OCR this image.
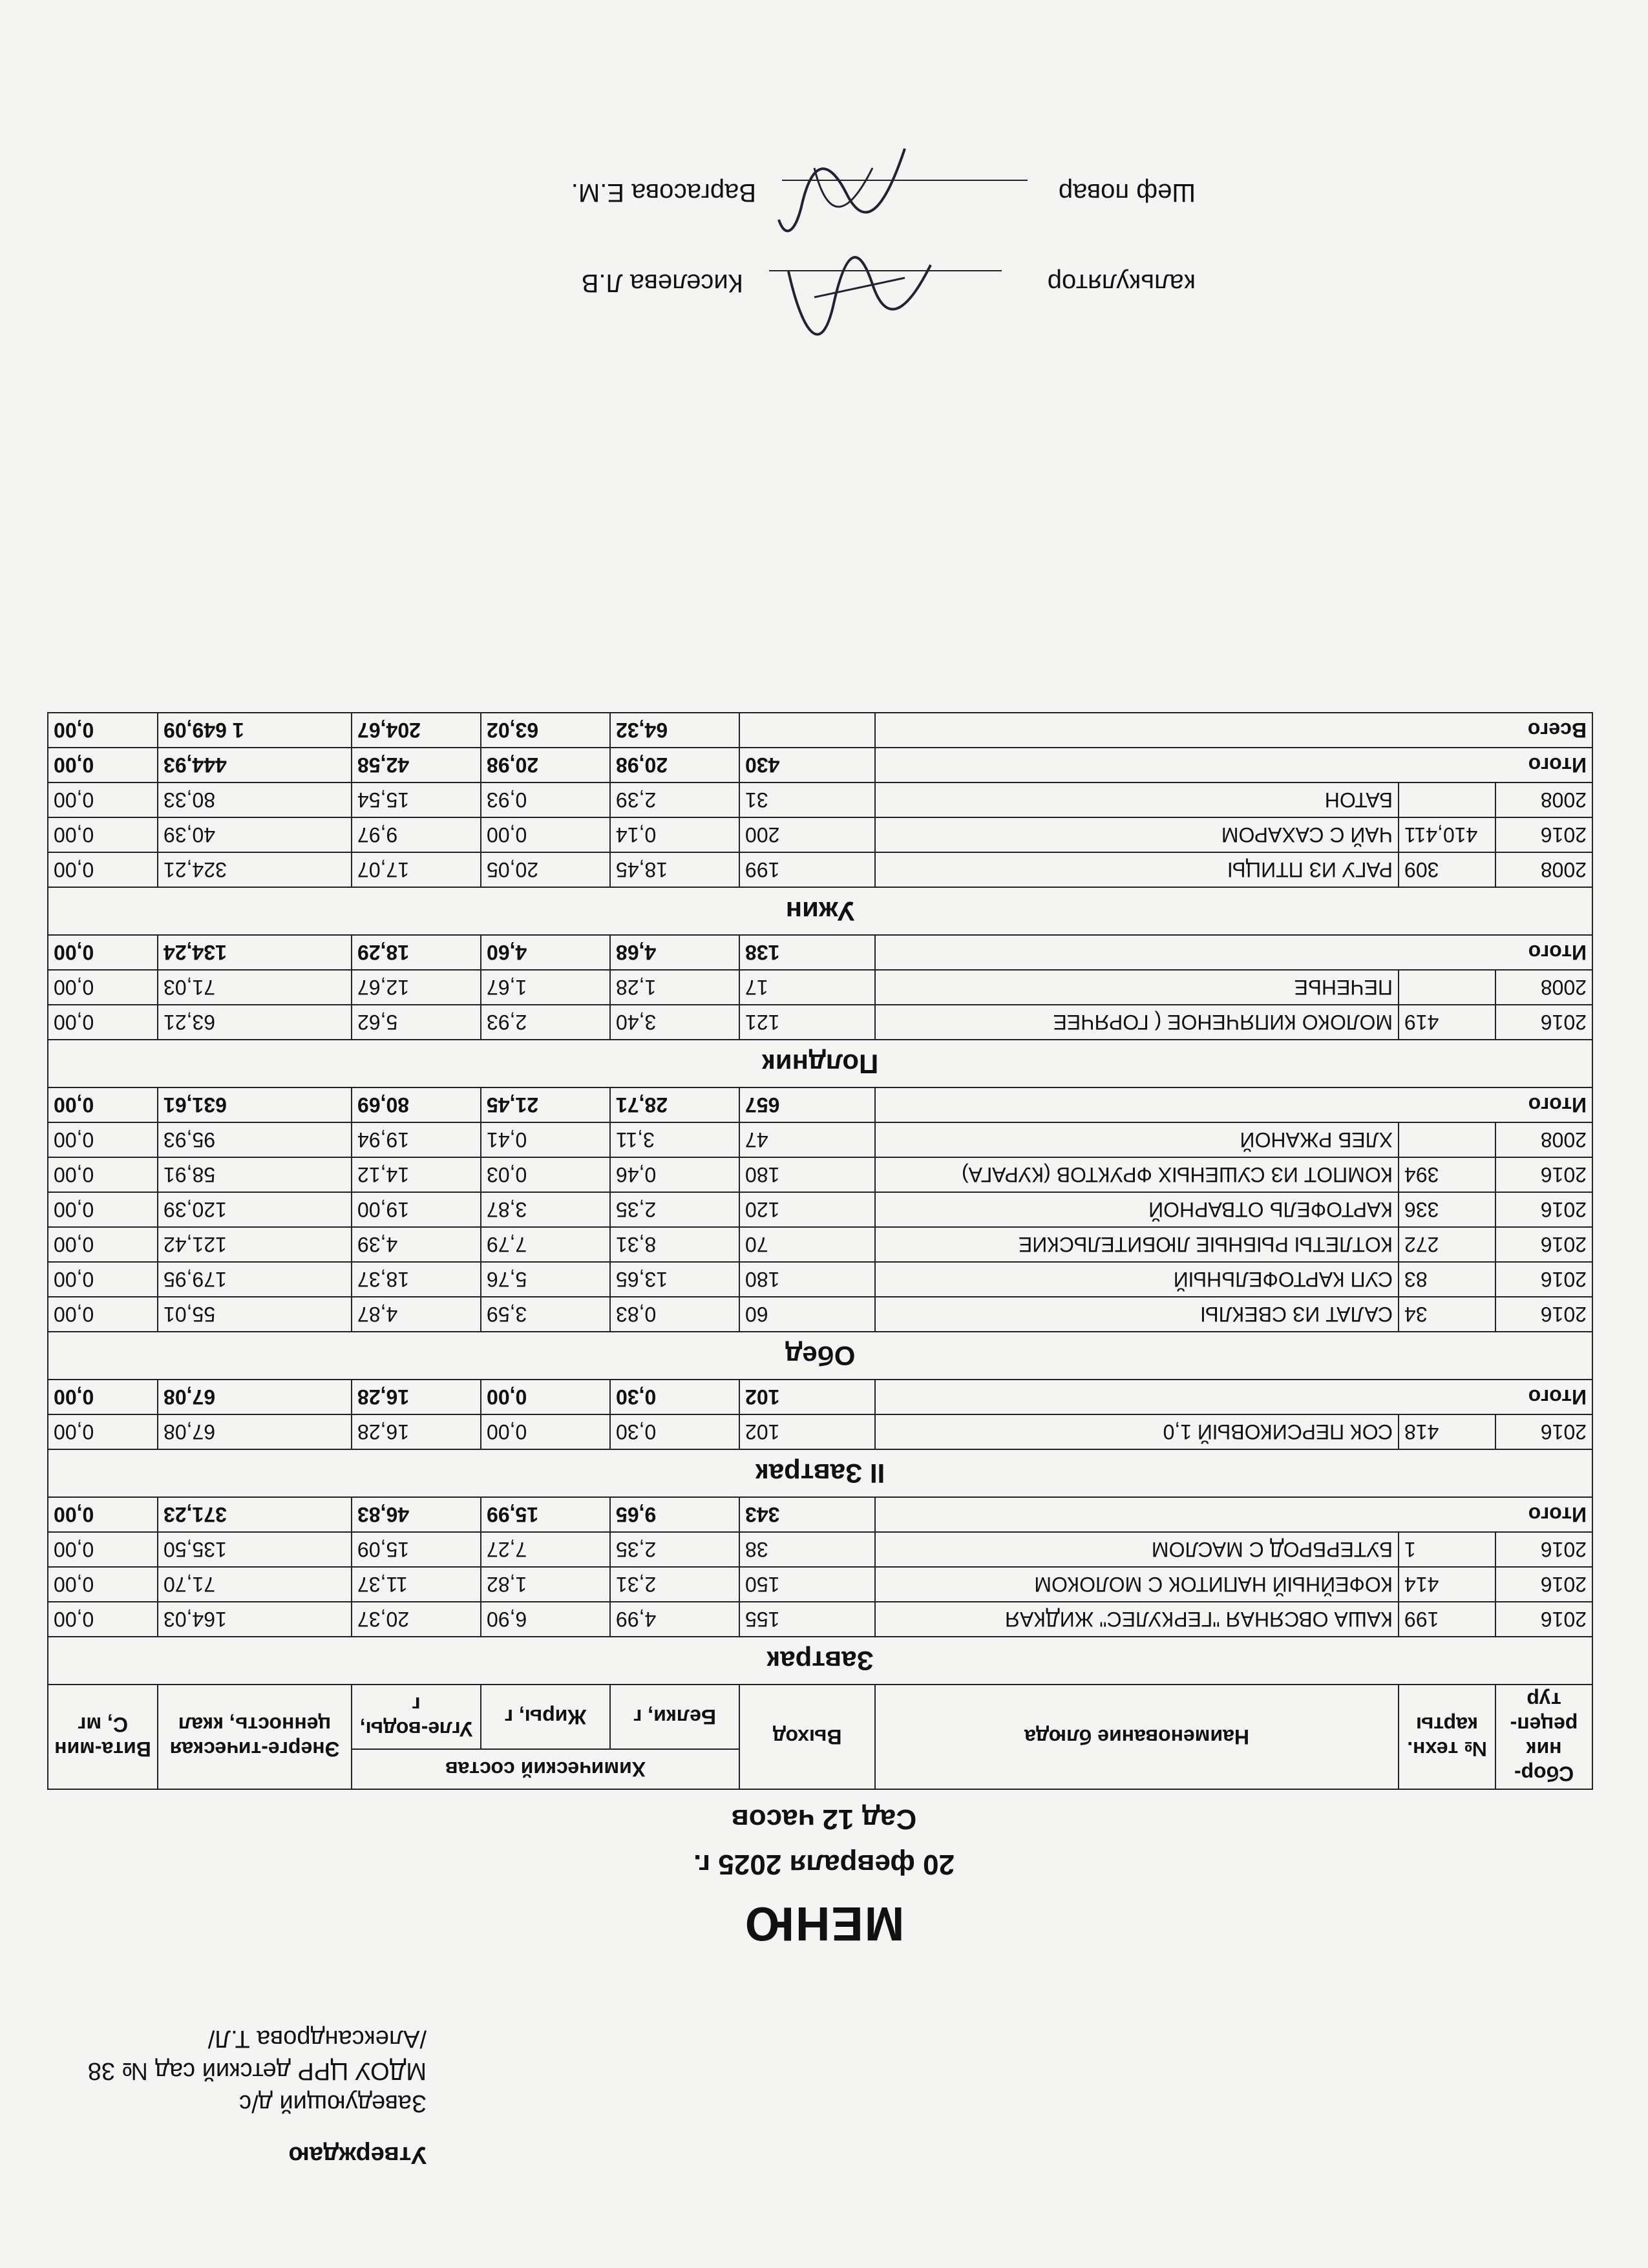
Утверждаю
Заведующий д/с
МДОУ ЦРР детский сад № 38
/Александрова Т.Л/
МЕНЮ
20 февраля 2025 г.
Сад 12 часов
Сбор-ник рецеп-тур	№ техн. карты	Наименование блюда	Выход	Химический состав			Энерге-тическая ценность, ккал	Вита-мин С, мг
				Белки, г	Жиры, г	Угле-воды, г		
Завтрак								
2016	199	КАША ОВСЯНАЯ "ГЕРКУЛЕС" ЖИДКАЯ	155	4,99	6,90	20,37	164,03	0,00
2016	414	КОФЕЙНЫЙ НАПИТОК С МОЛОКОМ	150	2,31	1,82	11,37	71,70	0,00
2016	1	БУТЕРБРОД С МАСЛОМ	38	2,35	7,27	15,09	135,50	0,00
Итого			343	9,65	15,99	46,83	371,23	0,00
II Завтрак								
2016	418	СОК ПЕРСИКОВЫЙ 1,0	102	0,30	0,00	16,28	67,08	0,00
Итого			102	0,30	0,00	16,28	67,08	0,00
Обед								
2016	34	САЛАТ ИЗ СВЕКЛЫ	60	0,83	3,59	4,87	55,01	0,00
2016	83	СУП КАРТОФЕЛЬНЫЙ	180	13,65	5,76	18,37	179,95	0,00
2016	272	КОТЛЕТЫ РЫБНЫЕ ЛЮБИТЕЛЬСКИЕ	70	8,31	7,79	4,39	121,42	0,00
2016	336	КАРТОФЕЛЬ ОТВАРНОЙ	120	2,35	3,87	19,00	120,39	0,00
2016	394	КОМПОТ ИЗ СУШЕНЫХ ФРУКТОВ (КУРАГА)	180	0,46	0,03	14,12	58,91	0,00
2008		ХЛЕБ РЖАНОЙ	47	3,11	0,41	19,94	95,93	0,00
Итого			657	28,71	21,45	80,69	631,61	0,00
Полдник								
2016	419	МОЛОКО КИПЯЧЕНОЕ ( ГОРЯЧЕЕ	121	3,40	2,93	5,62	63,21	0,00
2008		ПЕЧЕНЬЕ	17	1,28	1,67	12,67	71,03	0,00
Итого			138	4,68	4,60	18,29	134,24	0,00
Ужин								
2008	309	РАГУ ИЗ ПТИЦЫ	199	18,45	20,05	17,07	324,21	0,00
2016	410,411	ЧАЙ С САХАРОМ	200	0,14	0,00	9,97	40,39	0,00
2008		БАТОН	31	2,39	0,93	15,54	80,33	0,00
Итого			430	20,98	20,98	42,58	444,93	0,00
Всего				64,32	63,02	204,67	1 649,09	0,00
калькулятор
Киселева Л.В
Шеф повар
Варгасова Е.М.
